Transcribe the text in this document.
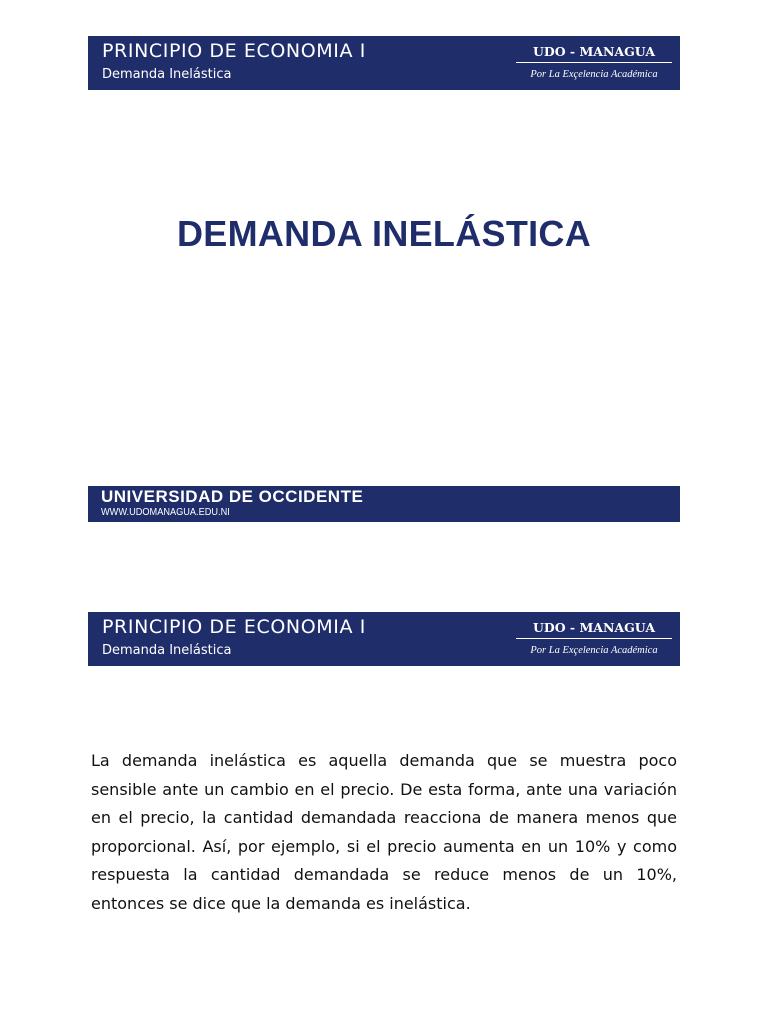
PRINCIPIO DE ECONOMIA I
Demanda Inelástica
UDO - MANAGUA
Por La Exçelencia Académica
DEMANDA INELÁSTICA
UNIVERSIDAD DE OCCIDENTE
WWW.UDOMANAGUA.EDU.NI
PRINCIPIO DE ECONOMIA I
Demanda Inelástica
UDO - MANAGUA
Por La Exçelencia Académica

La demanda inelástica es aquella demanda que se muestra poco sensible ante un cambio en el precio. De esta forma, ante una variación en el precio, la cantidad demandada reacciona de manera menos que proporcional. Así, por ejemplo, si el precio aumenta en un 10% y como respuesta la cantidad demandada se reduce menos de un 10%, entonces se dice que la demanda es inelástica.
